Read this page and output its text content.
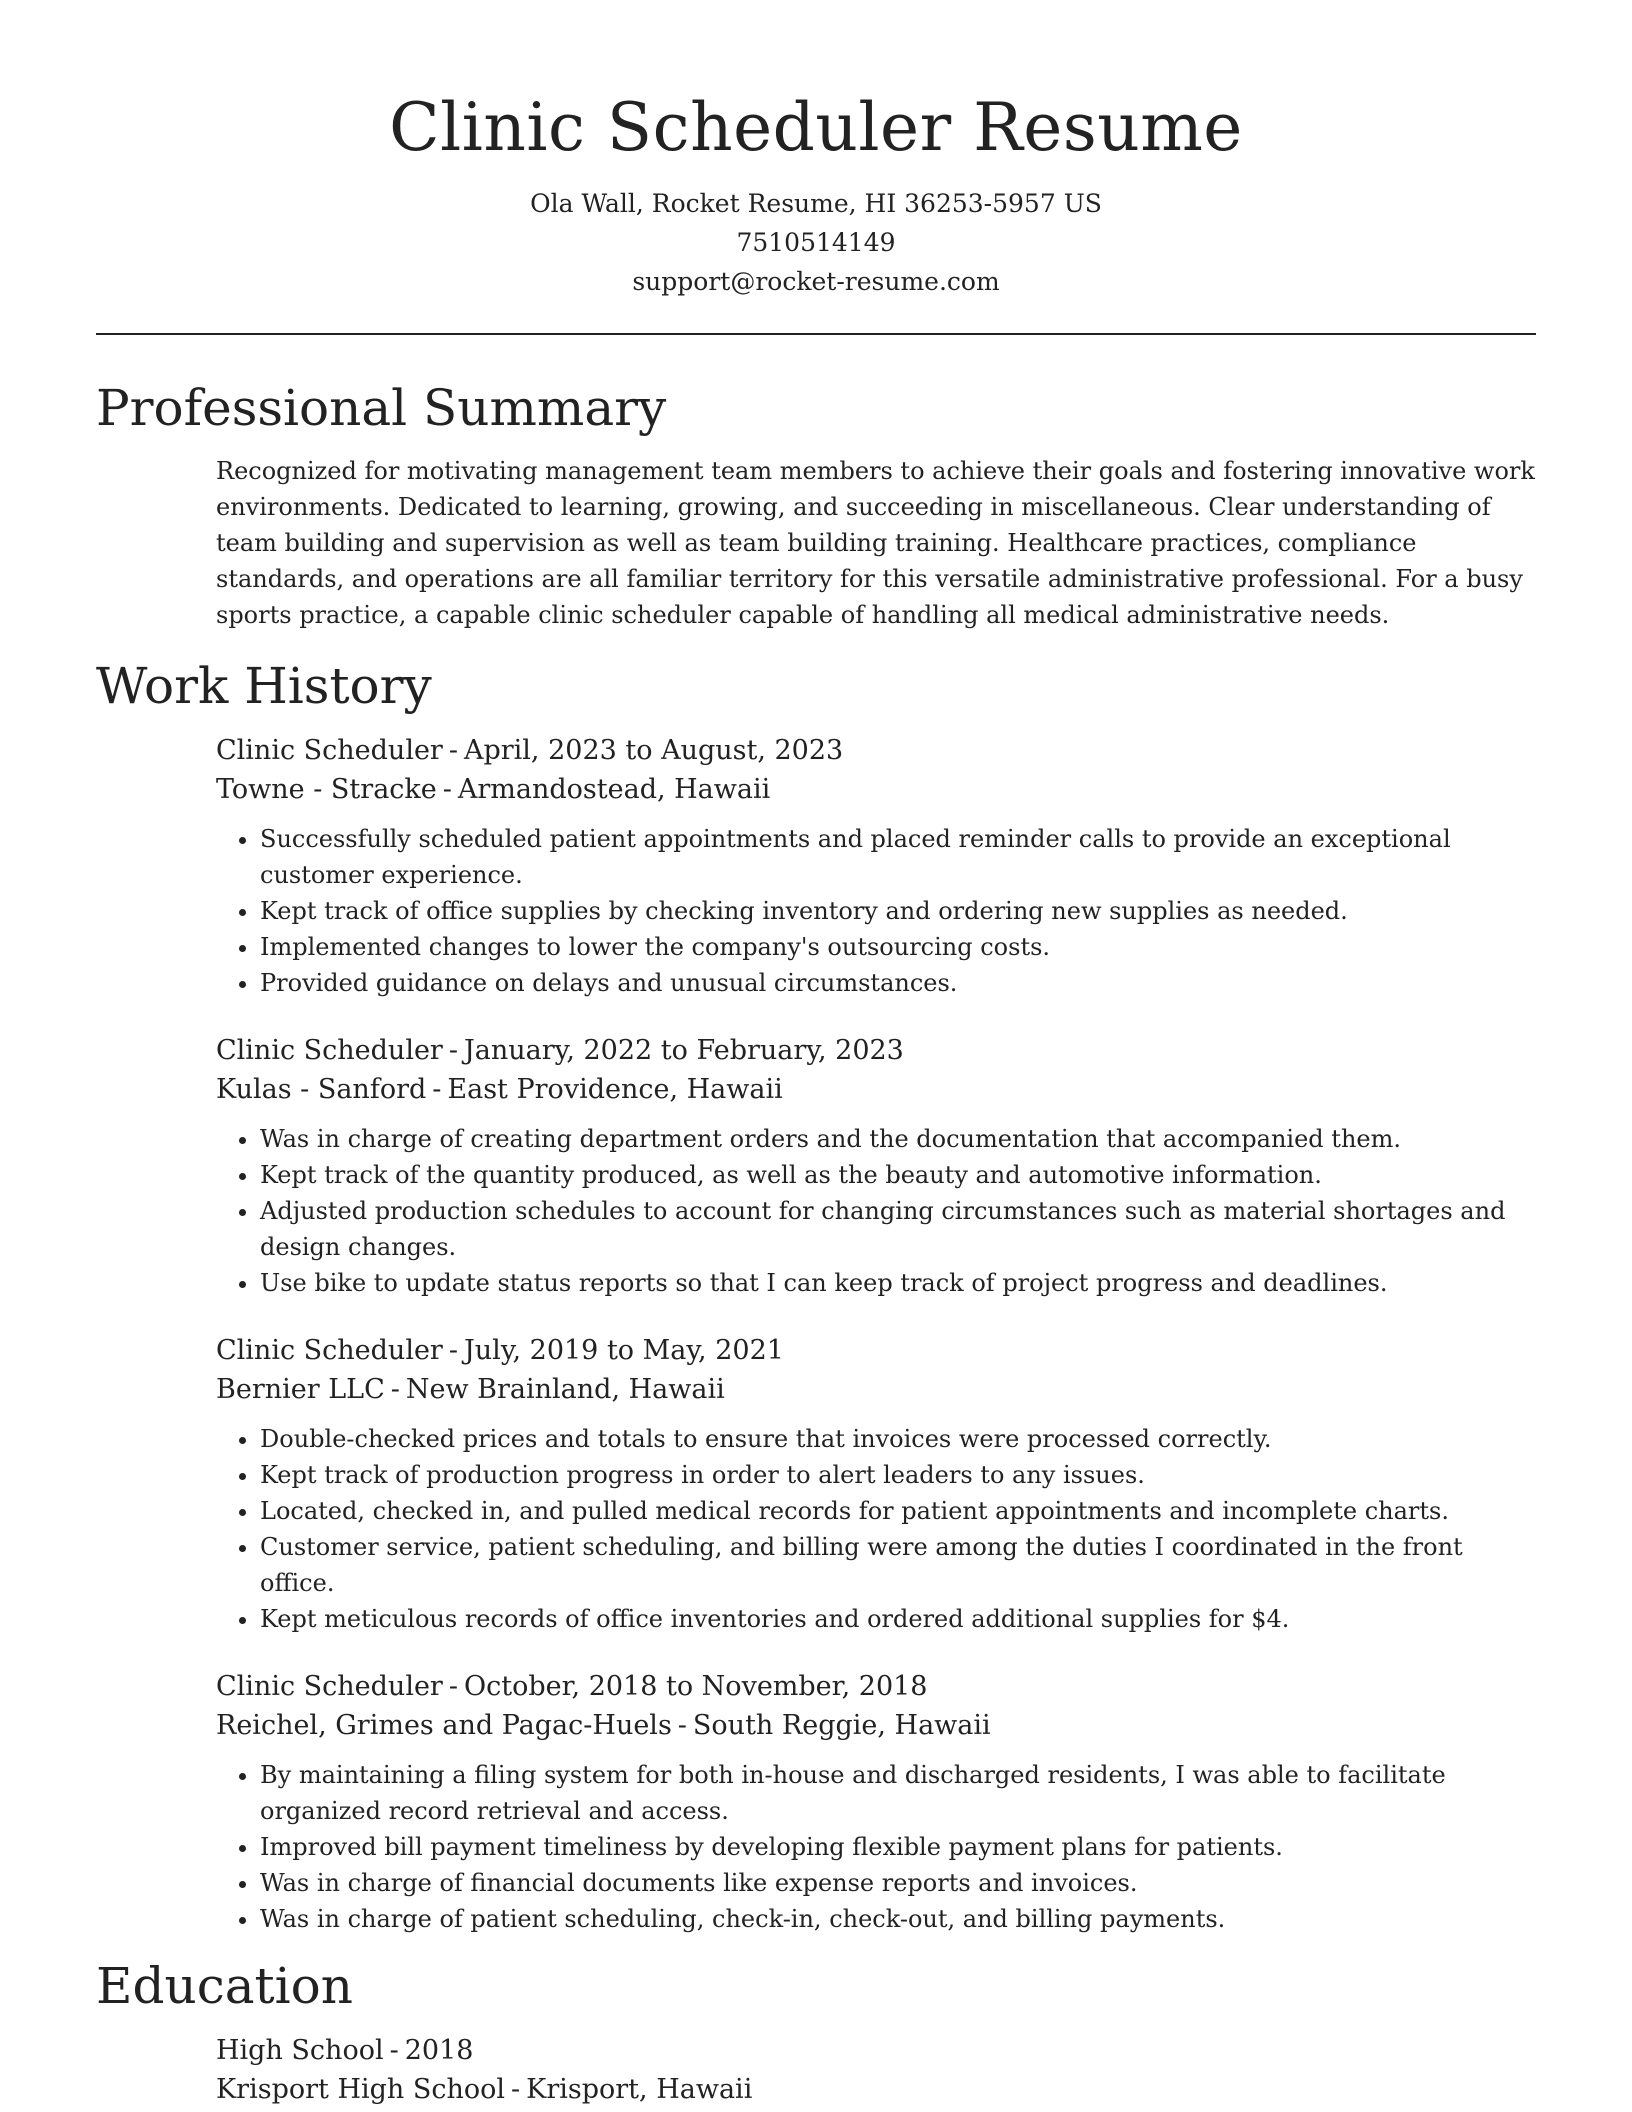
Clinic Scheduler Resume
Ola Wall, Rocket Resume, HI 36253-5957 US
7510514149
support@rocket-resume.com
Professional Summary

Recognized for motivating management team members to achieve their goals and fostering innovative work environments. Dedicated to learning, growing, and succeeding in miscellaneous. Clear understanding of team building and supervision as well as team building training. Healthcare practices, compliance standards, and operations are all familiar territory for this versatile administrative professional. For a busy sports practice, a capable clinic scheduler capable of handling all medical administrative needs.

Work History
Clinic Scheduler - April, 2023 to August, 2023
Towne - Stracke - Armandostead, Hawaii
• Successfully scheduled patient appointments and placed reminder calls to provide an exceptional customer experience.
• Kept track of office supplies by checking inventory and ordering new supplies as needed.
• Implemented changes to lower the company's outsourcing costs.
• Provided guidance on delays and unusual circumstances.
Clinic Scheduler - January, 2022 to February, 2023
Kulas - Sanford - East Providence, Hawaii
• Was in charge of creating department orders and the documentation that accompanied them.
• Kept track of the quantity produced, as well as the beauty and automotive information.
• Adjusted production schedules to account for changing circumstances such as material shortages and design changes.
• Use bike to update status reports so that I can keep track of project progress and deadlines.
Clinic Scheduler - July, 2019 to May, 2021
Bernier LLC - New Brainland, Hawaii
• Double-checked prices and totals to ensure that invoices were processed correctly.
• Kept track of production progress in order to alert leaders to any issues.
• Located, checked in, and pulled medical records for patient appointments and incomplete charts.
• Customer service, patient scheduling, and billing were among the duties I coordinated in the front office.
• Kept meticulous records of office inventories and ordered additional supplies for $4.
Clinic Scheduler - October, 2018 to November, 2018
Reichel, Grimes and Pagac-Huels - South Reggie, Hawaii
• By maintaining a filing system for both in-house and discharged residents, I was able to facilitate organized record retrieval and access.
• Improved bill payment timeliness by developing flexible payment plans for patients.
• Was in charge of financial documents like expense reports and invoices.
• Was in charge of patient scheduling, check-in, check-out, and billing payments.
Education
High School - 2018
Krisport High School - Krisport, Hawaii
